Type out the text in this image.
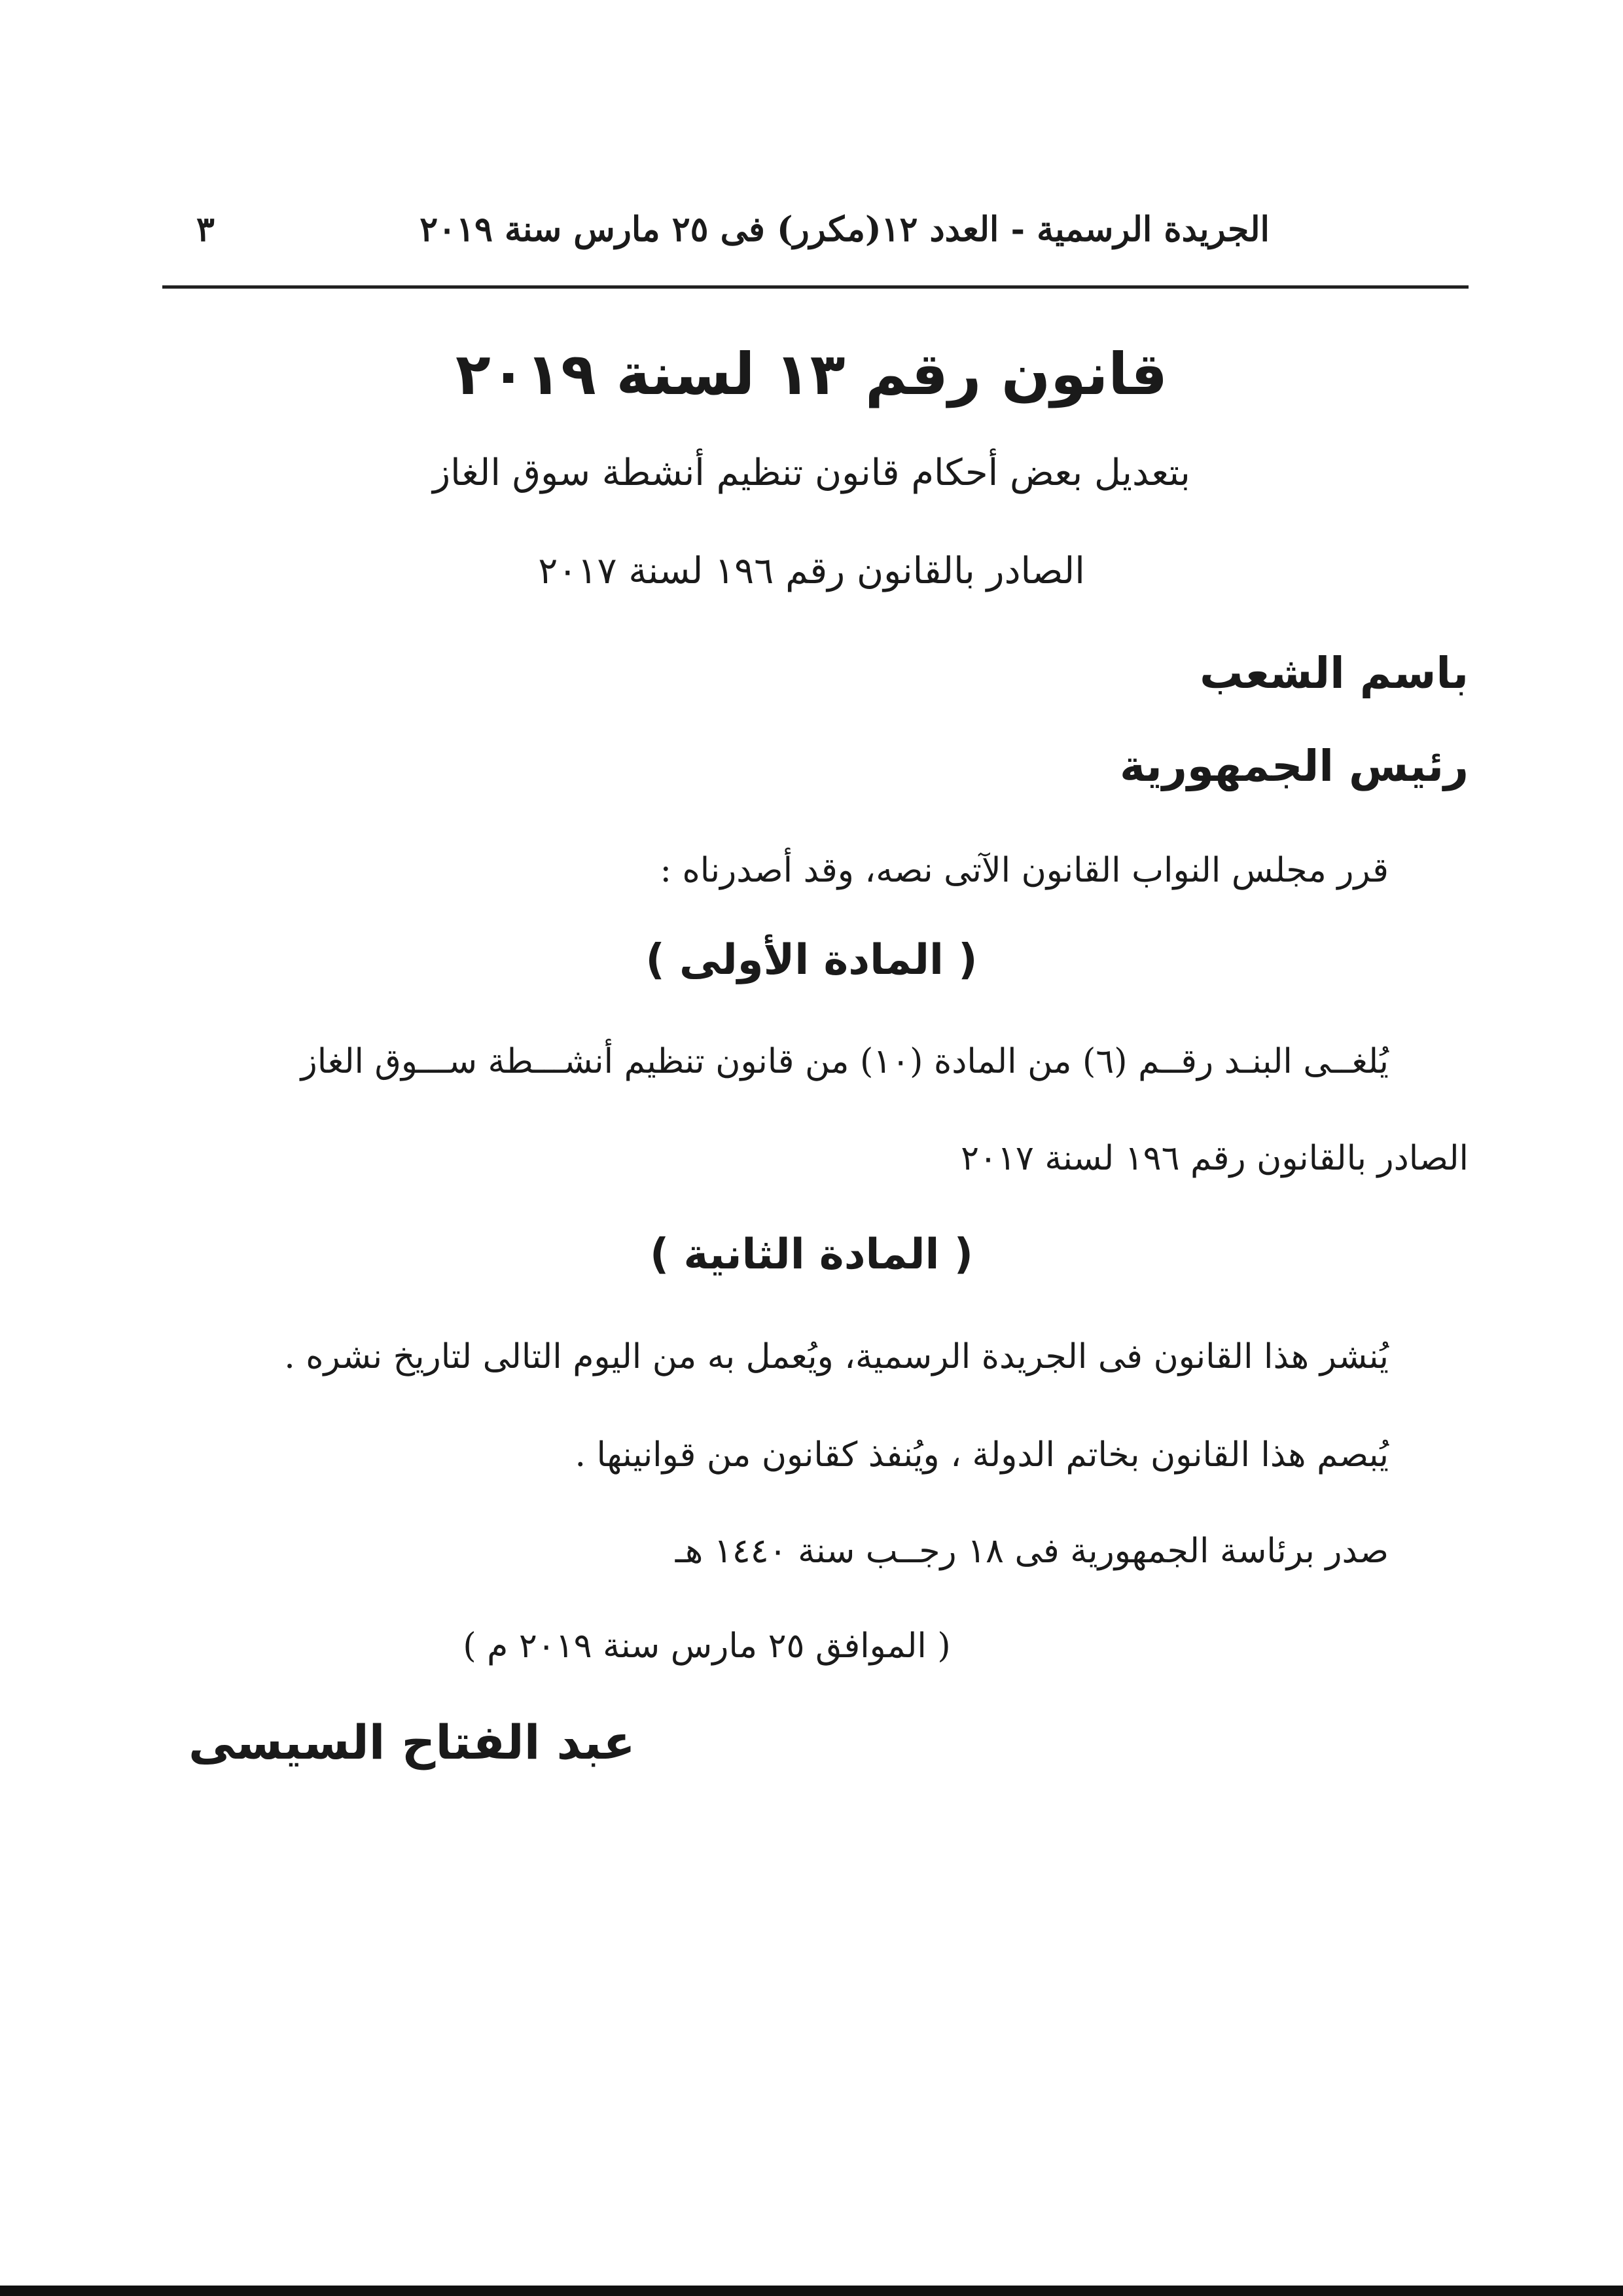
الجريدة الرسمية - العدد ١٢(مكرر) فى ٢٥ مارس سنة ٢٠١٩
٣
قانون رقم ١٣ لسنة ٢٠١٩
بتعديل بعض أحكام قانون تنظيم أنشطة سوق الغاز
الصادر بالقانون رقم ١٩٦ لسنة ٢٠١٧
باسم الشعب
رئيس الجمهورية
قرر مجلس النواب القانون الآتى نصه، وقد أصدرناه :
( المادة الأولى )
يُلغــى البنـد رقــم (٦) من المادة (١٠) من قانون تنظيم أنشـــطة ســـوق الغاز
الصادر بالقانون رقم ١٩٦ لسنة ٢٠١٧
( المادة الثانية )
يُنشر هذا القانون فى الجريدة الرسمية، ويُعمل به من اليوم التالى لتاريخ نشره .
يُبصم هذا القانون بخاتم الدولة ، ويُنفذ كقانون من قوانينها .
صدر برئاسة الجمهورية فى ١٨ رجــب سنة ١٤٤٠ هـ
( الموافق ٢٥ مارس سنة ٢٠١٩ م )
عبد الفتاح السيسى
